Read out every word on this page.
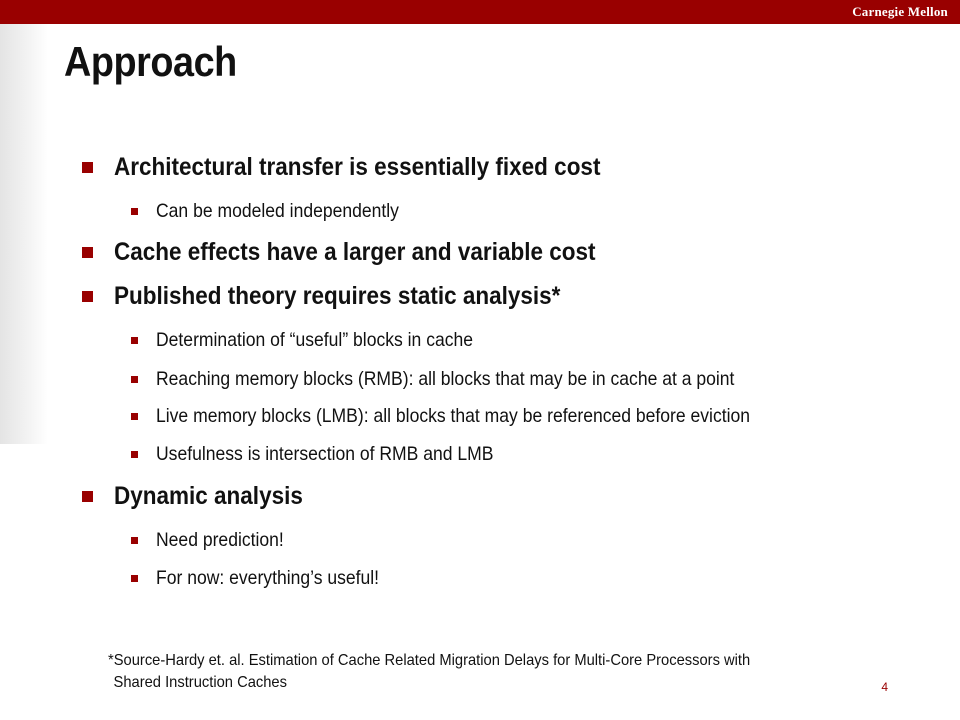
Carnegie Mellon
Approach
Architectural transfer is essentially fixed cost
Can be modeled independently
Cache effects have a larger and variable cost
Published theory requires static analysis*
Determination of “useful” blocks in cache
Reaching memory blocks (RMB): all blocks that may be in cache at a point
Live memory blocks (LMB): all blocks that may be referenced before eviction
Usefulness is intersection of RMB and LMB
Dynamic analysis
Need prediction!
For now: everything’s useful!
*Source-Hardy et. al. Estimation of Cache Related Migration Delays for Multi-Core Processors with
Shared Instruction Caches	4
